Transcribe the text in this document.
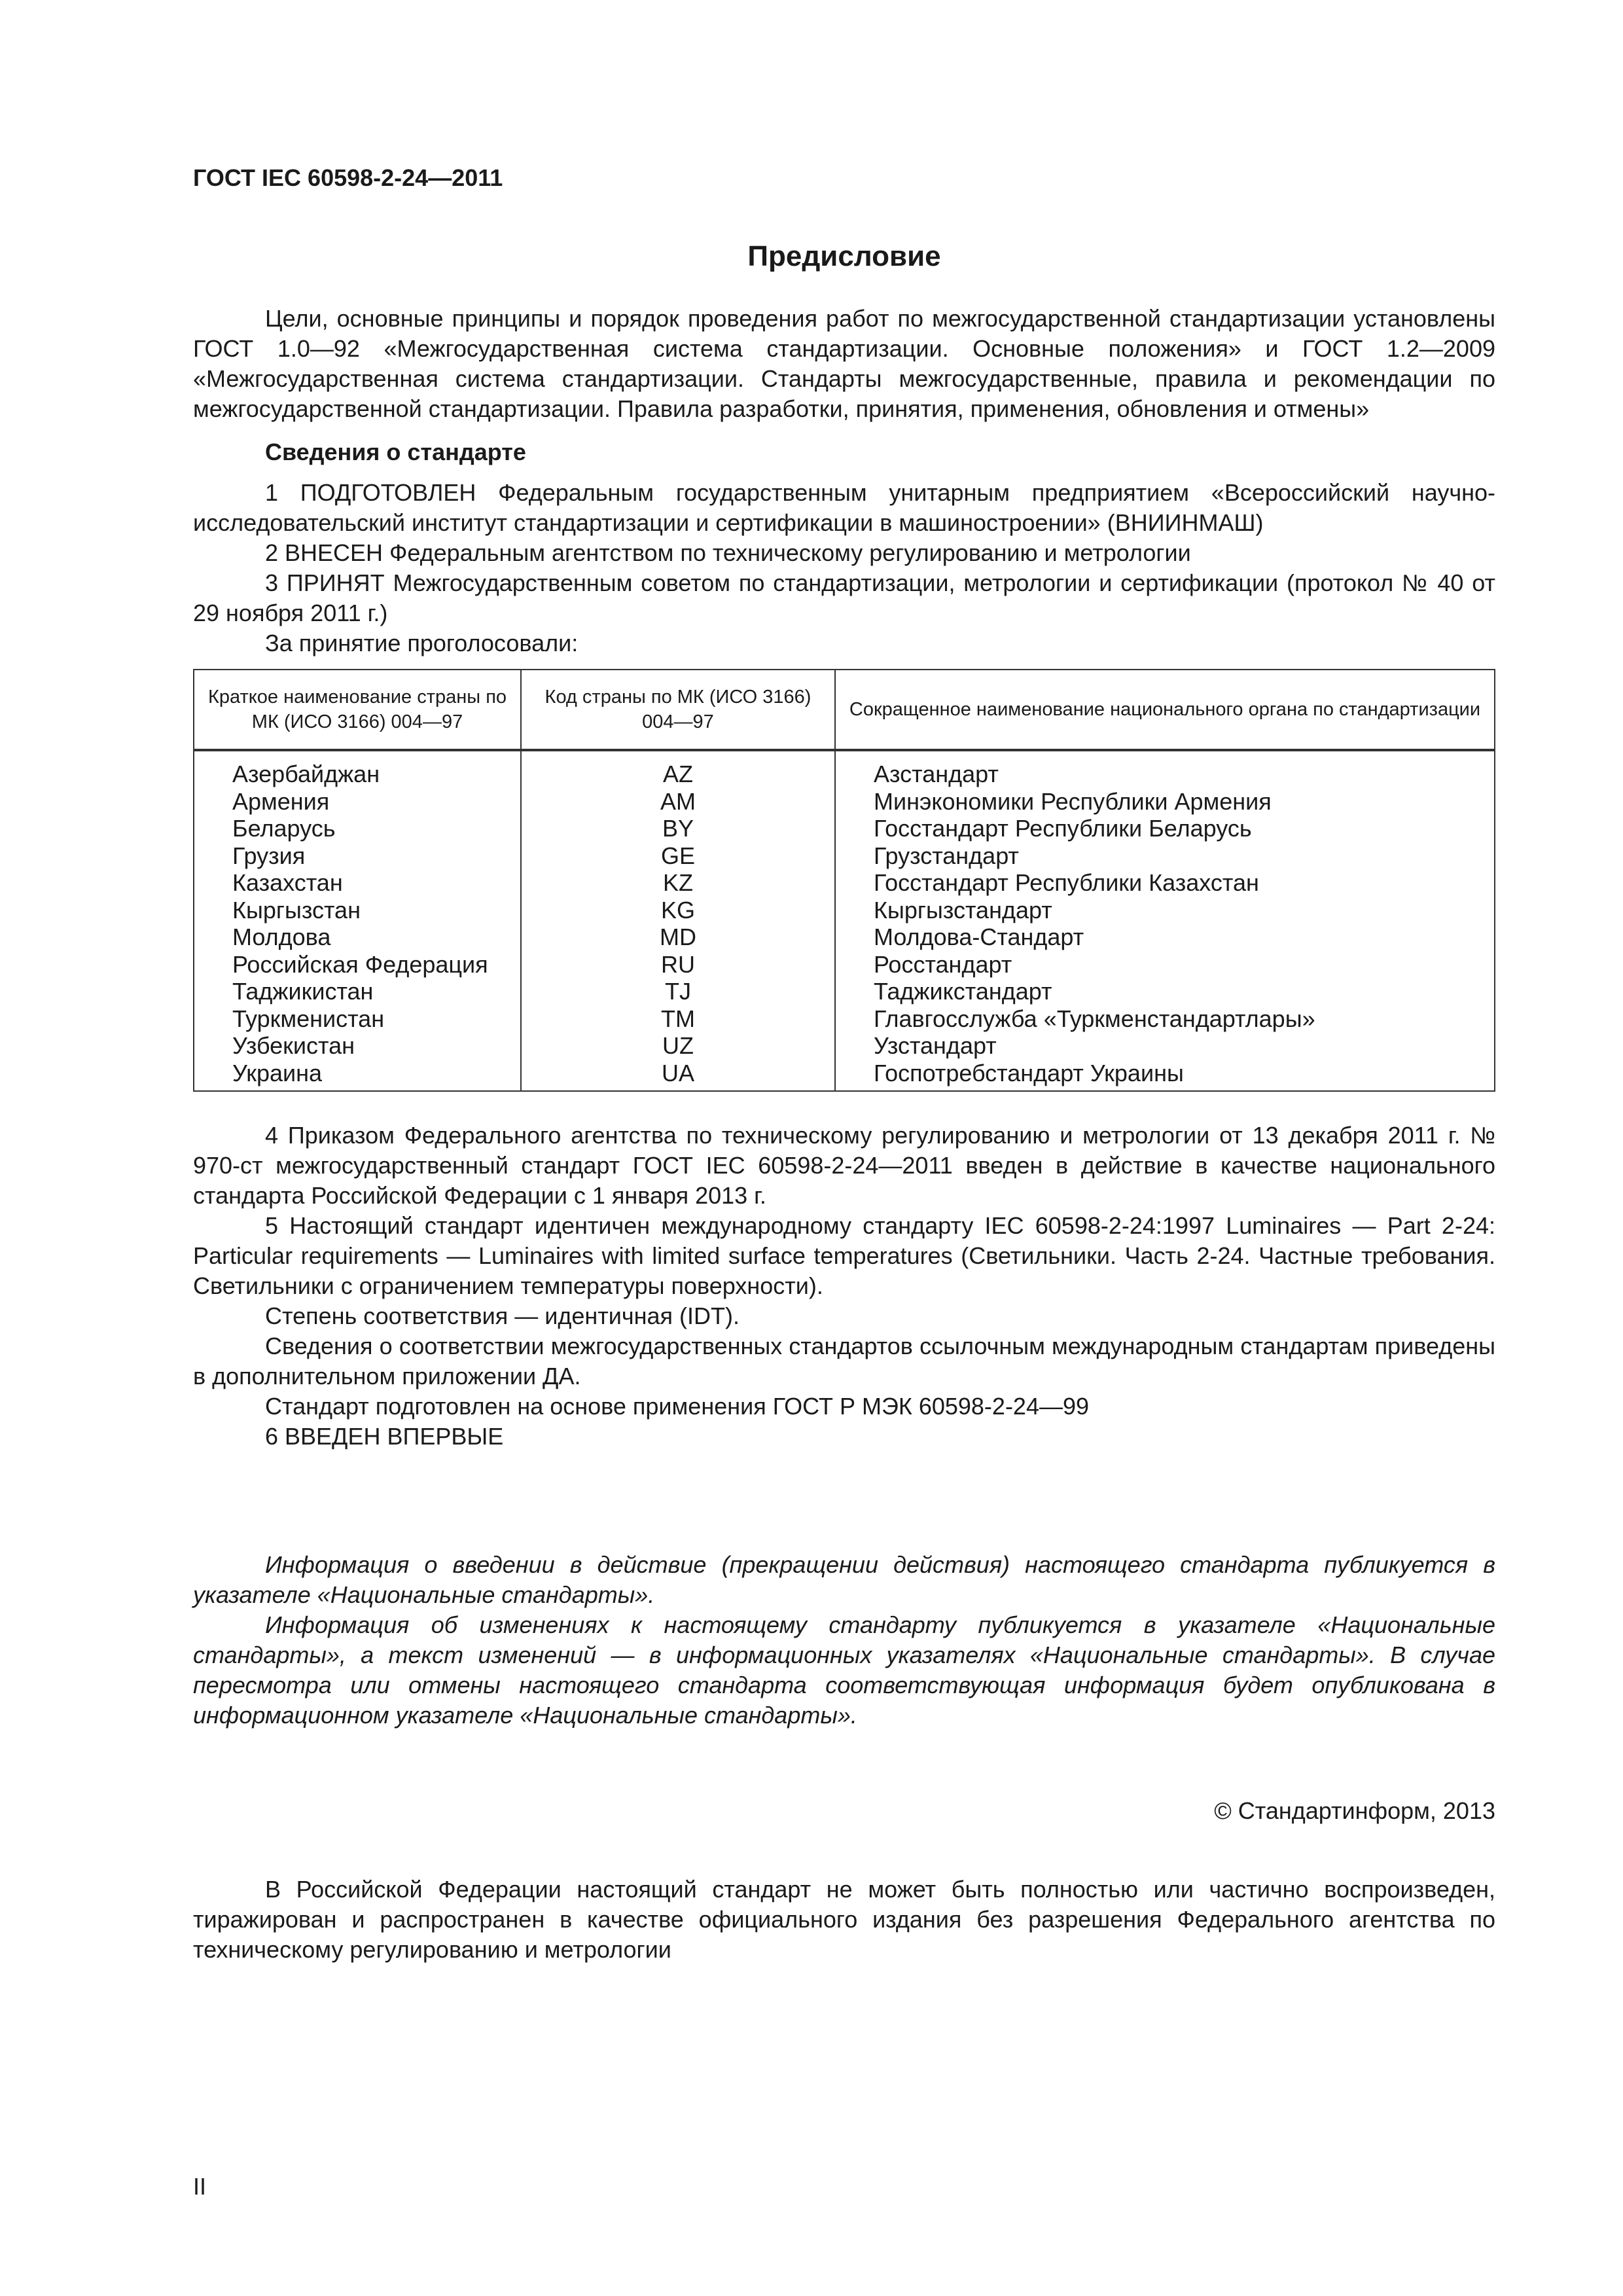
ГОСТ IEC 60598-2-24—2011
Предисловие

Цели, основные принципы и порядок проведения работ по межгосударственной стандартизации установлены ГОСТ 1.0—92 «Межгосударственная система стандартизации. Основные положения» и ГОСТ 1.2—2009 «Межгосударственная система стандартизации. Стандарты межгосударственные, правила и рекомендации по межгосударственной стандартизации. Правила разработки, принятия, применения, обновления и отмены»

Сведения о стандарте

1 ПОДГОТОВЛЕН Федеральным государственным унитарным предприятием «Всероссийский научно-исследовательский институт стандартизации и сертификации в машиностроении» (ВНИИНМАШ)

2 ВНЕСЕН Федеральным агентством по техническому регулированию и метрологии

3 ПРИНЯТ Межгосударственным советом по стандартизации, метрологии и сертификации (протокол № 40 от 29 ноября 2011 г.)

За принятие проголосовали:

Краткое наименование страны по МК (ИСО 3166) 004—97	Код страны по МК (ИСО 3166) 004—97	Сокращенное наименование национального органа по стандартизации
Азербайджан	AZ	Азстандарт
Армения	AM	Минэкономики Республики Армения
Беларусь	BY	Госстандарт Республики Беларусь
Грузия	GE	Грузстандарт
Казахстан	KZ	Госстандарт Республики Казахстан
Кыргызстан	KG	Кыргызстандарт
Молдова	MD	Молдова-Стандарт
Российская Федерация	RU	Росстандарт
Таджикистан	TJ	Таджикстандарт
Туркменистан	TM	Главгосслужба «Туркменстандартлары»
Узбекистан	UZ	Узстандарт
Украина	UA	Госпотребстандарт Украины

4 Приказом Федерального агентства по техническому регулированию и метрологии от 13 декабря 2011 г. № 970-ст межгосударственный стандарт ГОСТ IEC 60598-2-24—2011 введен в действие в качестве национального стандарта Российской Федерации с 1 января 2013 г.

5 Настоящий стандарт идентичен международному стандарту IEC 60598-2-24:1997 Luminaires — Part 2-24: Particular requirements — Luminaires with limited surface temperatures (Светильники. Часть 2-24. Частные требования. Светильники с ограничением температуры поверхности).

Степень соответствия — идентичная (IDT).

Сведения о соответствии межгосударственных стандартов ссылочным международным стандартам приведены в дополнительном приложении ДА.

Стандарт подготовлен на основе применения ГОСТ Р МЭК 60598-2-24—99

6 ВВЕДЕН ВПЕРВЫЕ

Информация о введении в действие (прекращении действия) настоящего стандарта публикуется в указателе «Национальные стандарты».

Информация об изменениях к настоящему стандарту публикуется в указателе «Национальные стандарты», а текст изменений — в информационных указателях «Национальные стандарты». В случае пересмотра или отмены настоящего стандарта соответствующая информация будет опубликована в информационном указателе «Национальные стандарты».

© Стандартинформ, 2013

В Российской Федерации настоящий стандарт не может быть полностью или частично воспроизведен, тиражирован и распространен в качестве официального издания без разрешения Федерального агентства по техническому регулированию и метрологии

II
